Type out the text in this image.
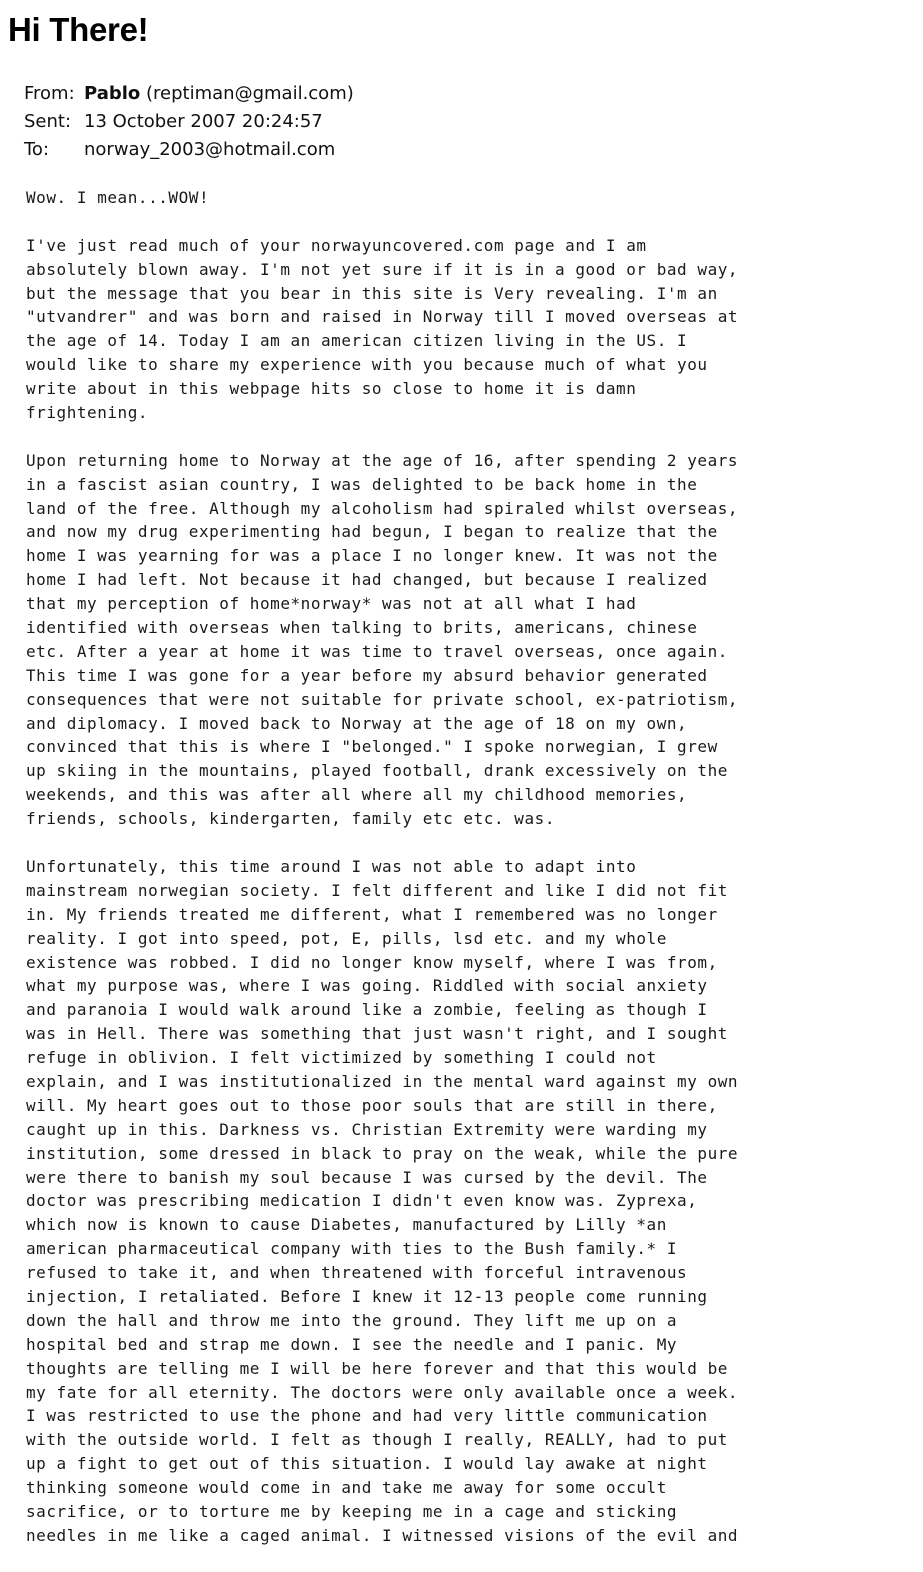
Hi There!
From: Pablo
(reptiman@gmail.com)
Sent: 13 October 2007 20:24:57
To:	norway_2003@hotmail.com
Wow. I mean...WOW!
I've just read much of your norwayuncovered.com page and I am
absolutely blown away. I'm not yet sure if it is in a good or bad way,
but the message that you bear in this site is Very revealing. I'm an
"utvandrer" and was born and raised in Norway till I moved overseas at
the age of 14. Today I am an american citizen living in the US. I
would like to share my experience with you because much of what you
write about in this webpage hits so close to home it is damn
frightening.
Upon returning home to Norway at the age of 16, after spending 2 years
in a fascist asian country, I was delighted to be back home in the
land of the free. Although my alcoholism had spiraled whilst overseas,
and now my drug experimenting had begun, I began to realize that the
home I was yearning for was a place I no longer knew. It was not the
home I had left. Not because it had changed, but because I realized
that my perception of home*norway* was not at all what I had
identified with overseas when talking to brits, americans, chinese
etc. After a year at home it was time to travel overseas, once again.
This time I was gone for a year before my absurd behavior generated
consequences that were not suitable for private school, ex-patriotism,
and diplomacy. I moved back to Norway at the age of 18 on my own,
convinced that this is where I "belonged." I spoke norwegian, I grew
up skiing in the mountains, played football, drank excessively on the
weekends, and this was after all where all my childhood memories,
friends, schools, kindergarten, family etc etc. was.
Unfortunately, this time around I was not able to adapt into
mainstream norwegian society. I felt different and like I did not fit
in. My friends treated me different, what I remembered was no longer
reality. I got into speed, pot, E, pills, lsd etc. and my whole
existence was robbed. I did no longer know myself, where I was from,
what my purpose was, where I was going. Riddled with social anxiety
and paranoia I would walk around like a zombie, feeling as though I
was in Hell. There was something that just wasn't right, and I sought
refuge in oblivion. I felt victimized by something I could not
explain, and I was institutionalized in the mental ward against my own
will. My heart goes out to those poor souls that are still in there,
caught up in this. Darkness vs. Christian Extremity were warding my
institution, some dressed in black to pray on the weak, while the pure
were there to banish my soul because I was cursed by the devil. The
doctor was prescribing medication I didn't even know was. Zyprexa,
which now is known to cause Diabetes, manufactured by Lilly *an
american pharmaceutical company with ties to the Bush family.* I
refused to take it, and when threatened with forceful intravenous
injection, I retaliated. Before I knew it 12-13 people come running
down the hall and throw me into the ground. They lift me up on a
hospital bed and strap me down. I see the needle and I panic. My
thoughts are telling me I will be here forever and that this would be
my fate for all eternity. The doctors were only available once a week.
I was restricted to use the phone and had very little communication
with the outside world. I felt as though I really, REALLY, had to put
up a fight to get out of this situation. I would lay awake at night
thinking someone would come in and take me away for some occult
sacrifice, or to torture me by keeping me in a cage and sticking
needles in me like a caged animal. I witnessed visions of the evil and
